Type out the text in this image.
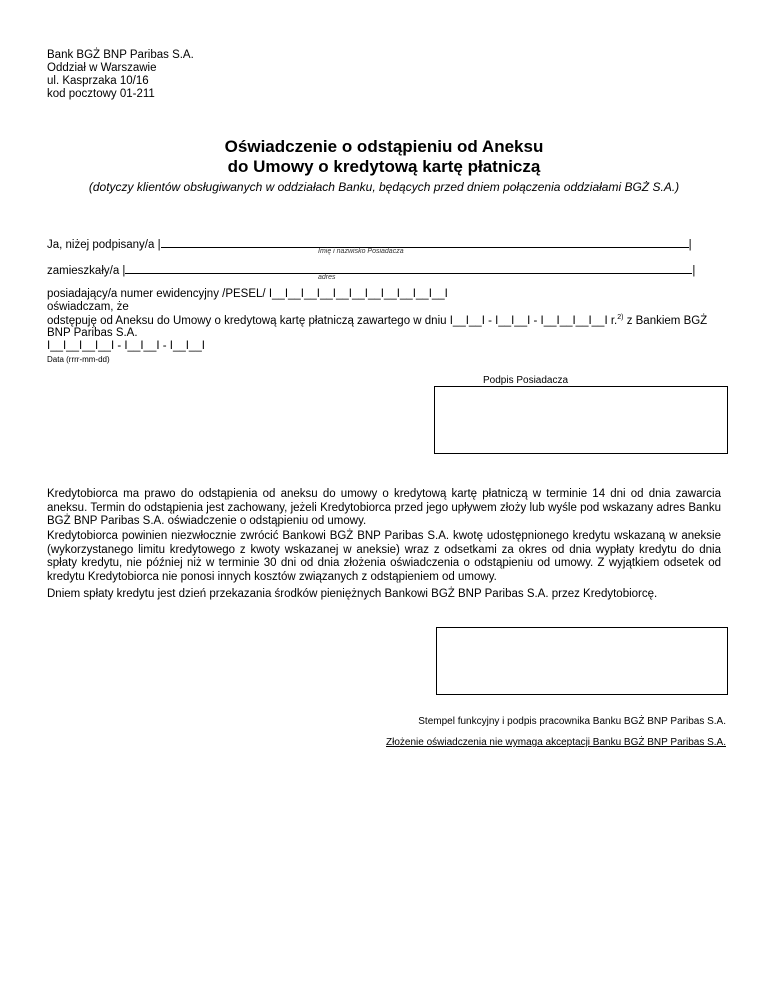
Bank BGŻ BNP Paribas S.A.
Oddział w Warszawie
ul. Kasprzaka 10/16
kod pocztowy 01-211
Oświadczenie o odstąpieniu od Aneksu
do Umowy o kredytową kartę płatniczą
(dotyczy klientów obsługiwanych w oddziałach Banku, będących przed dniem połączenia oddziałami BGŻ S.A.)
Ja, niżej podpisany/a |	|
Imię i nazwisko Posiadacza
zamieszkały/a |	|
adres
posiadający/a numer ewidencyjny /PESEL/ I__I__I__I__I__I__I__I__I__I__I__I
oświadczam, że
odstępuję od Aneksu do Umowy o kredytową kartę płatniczą zawartego w dniu I__I__I - I__I__I - I__I__I__I__I r.$^{2)}$ z Bankiem BGŻ
BNP Paribas S.A.
I__I__I__I__I - I__I__I - I__I__I
Data (rrrr-mm-dd)
Podpis Posiadacza
Kredytobiorca ma prawo do odstąpienia od aneksu do umowy o kredytową kartę płatniczą w terminie 14 dni od dnia zawarcia aneksu. Termin do odstąpienia jest zachowany, jeżeli Kredytobiorca przed jego upływem złoży lub wyśle pod wskazany adres Banku BGŻ BNP Paribas S.A. oświadczenie o odstąpieniu od umowy.
Kredytobiorca powinien niezwłocznie zwrócić Bankowi BGŻ BNP Paribas S.A. kwotę udostępnionego kredytu wskazaną w aneksie (wykorzystanego limitu kredytowego z kwoty wskazanej w aneksie) wraz z odsetkami za okres od dnia wypłaty kredytu do dnia spłaty kredytu, nie później niż w terminie 30 dni od dnia złożenia oświadczenia o odstąpieniu od umowy. Z wyjątkiem odsetek od kredytu Kredytobiorca nie ponosi innych kosztów związanych z odstąpieniem od umowy.
Dniem spłaty kredytu jest dzień przekazania środków pieniężnych Bankowi BGŻ BNP Paribas S.A. przez Kredytobiorcę.
Stempel funkcyjny i podpis pracownika Banku BGŻ BNP Paribas S.A.
Złożenie oświadczenia nie wymaga akceptacji Banku BGŻ BNP Paribas S.A.
